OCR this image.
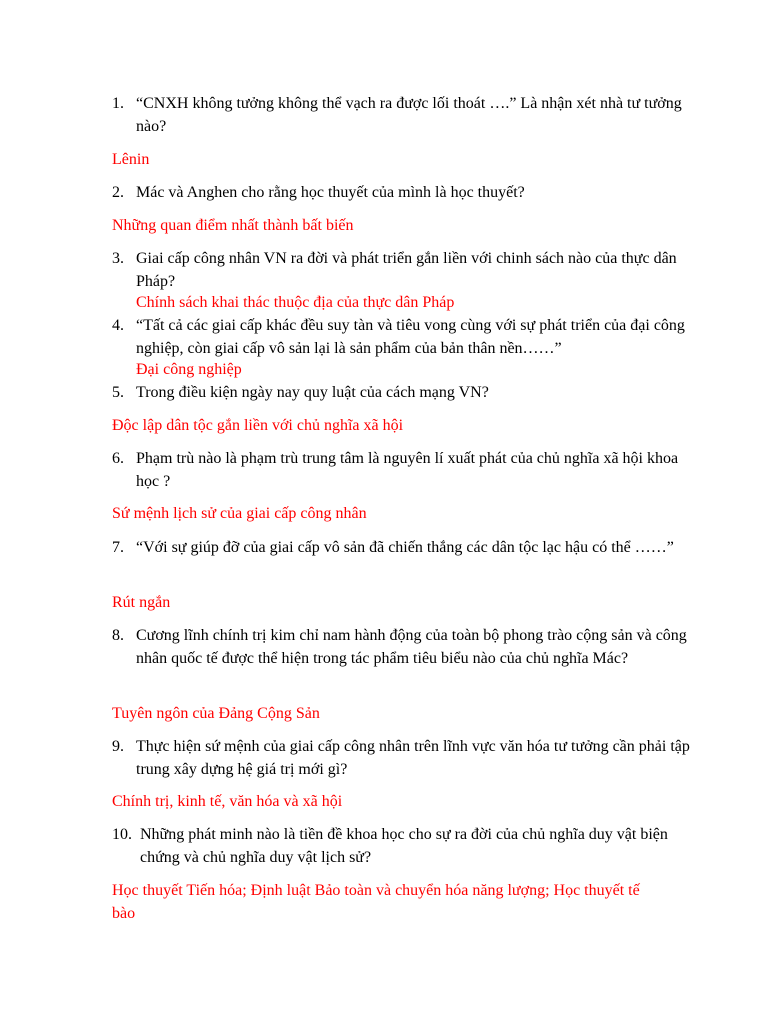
1. “CNXH không tưởng không thể vạch ra được lối thoát ….” Là nhận xét nhà tư tưởng nào?
Lênin
2. Mác và Anghen cho rằng học thuyết của mình là học thuyết?
Những quan điểm nhất thành bất biến
3. Giai cấp công nhân VN ra đời và phát triển gắn liền với chinh sách nào của thực dân Pháp?
Chính sách khai thác thuộc địa của thực dân Pháp
4. “Tất cả các giai cấp khác đều suy tàn và tiêu vong cùng với sự phát triển của đại công nghiệp, còn giai cấp vô sản lại là sản phẩm của bản thân nền……”
Đại công nghiệp
5. Trong điều kiện ngày nay quy luật của cách mạng VN?
Độc lập dân tộc gắn liền với chủ nghĩa xã hội
6. Phạm trù nào là phạm trù trung tâm là nguyên lí xuất phát của chủ nghĩa xã hội khoa học ?
Sứ mệnh lịch sử của giai cấp công nhân
7. “Với sự giúp đỡ của giai cấp vô sản đã chiến thắng các dân tộc lạc hậu có thể ……”
Rút ngắn
8. Cương lĩnh chính trị kim chỉ nam hành động của toàn bộ phong trào cộng sản và công nhân quốc tế được thể hiện trong tác phẩm tiêu biểu nào của chủ nghĩa Mác?
Tuyên ngôn của Đảng Cộng Sản
9. Thực hiện sứ mệnh của giai cấp công nhân trên lĩnh vực văn hóa tư tưởng cần phải tập trung xây dựng hệ giá trị mới gì?
Chính trị, kinh tế, văn hóa và xã hội
10. Những phát minh nào là tiền đề khoa học cho sự ra đời của chủ nghĩa duy vật biện chứng và chủ nghĩa duy vật lịch sử?
Học thuyết Tiến hóa; Định luật Bảo toàn và chuyển hóa năng lượng; Học thuyết tế bào
